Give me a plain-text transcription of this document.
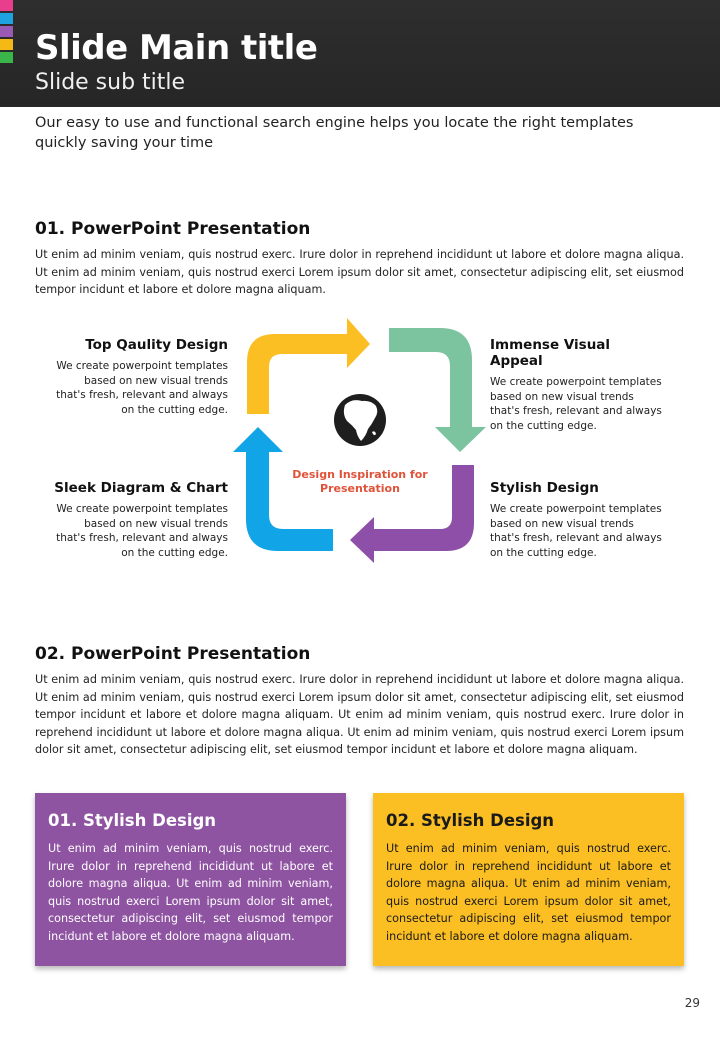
Slide Main title
Slide sub title
Our easy to use and functional search engine helps you locate the right templates quickly saving your time
01. PowerPoint Presentation
Ut enim ad minim veniam, quis nostrud exerc. Irure dolor in reprehend incididunt ut labore et dolore magna aliqua. Ut enim ad minim veniam, quis nostrud exerci Lorem ipsum dolor sit amet, consectetur adipiscing elit, set eiusmod tempor incidunt et labore et dolore magna aliquam.
Design Inspiration for Presentation
Top Qaulity Design
We create powerpoint templates based on new visual trends that's fresh, relevant and always on the cutting edge.
Immense Visual Appeal
We create powerpoint templates based on new visual trends that's fresh, relevant and always on the cutting edge.
Sleek Diagram & Chart
We create powerpoint templates based on new visual trends that's fresh, relevant and always on the cutting edge.
Stylish Design
We create powerpoint templates based on new visual trends that's fresh, relevant and always on the cutting edge.
02. PowerPoint Presentation
Ut enim ad minim veniam, quis nostrud exerc. Irure dolor in reprehend incididunt ut labore et dolore magna aliqua. Ut enim ad minim veniam, quis nostrud exerci Lorem ipsum dolor sit amet, consectetur adipiscing elit, set eiusmod tempor incidunt et labore et dolore magna aliquam. Ut enim ad minim veniam, quis nostrud exerc. Irure dolor in reprehend incididunt ut labore et dolore magna aliqua. Ut enim ad minim veniam, quis nostrud exerci Lorem ipsum dolor sit amet, consectetur adipiscing elit, set eiusmod tempor incidunt et labore et dolore magna aliquam.
01. Stylish Design
Ut enim ad minim veniam, quis nostrud exerc. Irure dolor in reprehend incididunt ut labore et dolore magna aliqua. Ut enim ad minim veniam, quis nostrud exerci Lorem ipsum dolor sit amet, consectetur adipiscing elit, set eiusmod tempor incidunt et labore et dolore magna aliquam.
02. Stylish Design
Ut enim ad minim veniam, quis nostrud exerc. Irure dolor in reprehend incididunt ut labore et dolore magna aliqua. Ut enim ad minim veniam, quis nostrud exerci Lorem ipsum dolor sit amet, consectetur adipiscing elit, set eiusmod tempor incidunt et labore et dolore magna aliquam.
29
